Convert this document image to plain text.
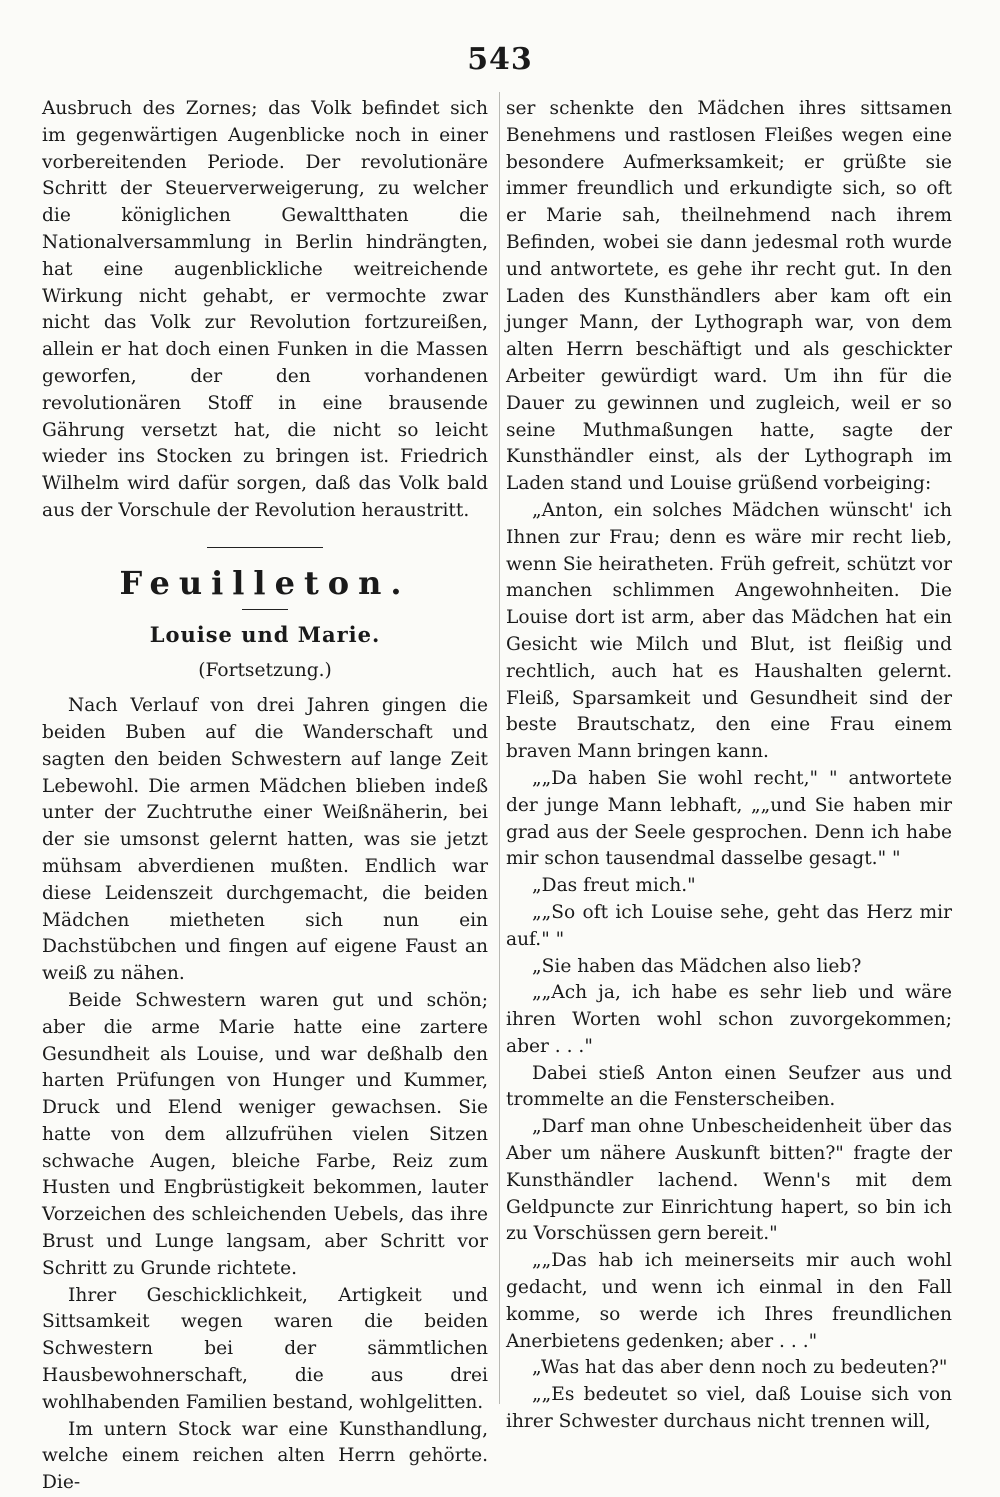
543

Ausbruch des Zornes; das Volk befindet sich im gegenwärtigen Augenblicke noch in einer vorbereitenden Periode. Der revolutionäre Schritt der Steuerverweigerung, zu welcher die königlichen Gewaltthaten die Nationalversammlung in Berlin hindrängten, hat eine augenblickliche weitreichende Wirkung nicht gehabt, er vermochte zwar nicht das Volk zur Revolution fortzureißen, allein er hat doch einen Funken in die Massen geworfen, der den vorhandenen revolutionären Stoff in eine brausende Gährung versetzt hat, die nicht so leicht wieder ins Stocken zu bringen ist. Friedrich Wilhelm wird dafür sorgen, daß das Volk bald aus der Vorschule der Revolution heraustritt.

Feuilleton.
Louise und Marie.
(Fortsetzung.)

Nach Verlauf von drei Jahren gingen die beiden Buben auf die Wanderschaft und sagten den beiden Schwestern auf lange Zeit Lebewohl. Die armen Mädchen blieben indeß unter der Zuchtruthe einer Weißnäherin, bei der sie umsonst gelernt hatten, was sie jetzt mühsam abverdienen mußten. Endlich war diese Leidenszeit durchgemacht, die beiden Mädchen mietheten sich nun ein Dachstübchen und fingen auf eigene Faust an weiß zu nähen.

Beide Schwestern waren gut und schön; aber die arme Marie hatte eine zartere Gesundheit als Louise, und war deßhalb den harten Prüfungen von Hunger und Kummer, Druck und Elend weniger gewachsen. Sie hatte von dem allzufrühen vielen Sitzen schwache Augen, bleiche Farbe, Reiz zum Husten und Engbrüstigkeit bekommen, lauter Vorzeichen des schleichenden Uebels, das ihre Brust und Lunge langsam, aber Schritt vor Schritt zu Grunde richtete.

Ihrer Geschicklichkeit, Artigkeit und Sittsamkeit wegen waren die beiden Schwestern bei der sämmtlichen Hausbewohnerschaft, die aus drei wohlhabenden Familien bestand, wohlgelitten.

Im untern Stock war eine Kunsthandlung, welche einem reichen alten Herrn gehörte. Die-

ser schenkte den Mädchen ihres sittsamen Benehmens und rastlosen Fleißes wegen eine besondere Aufmerksamkeit; er grüßte sie immer freundlich und erkundigte sich, so oft er Marie sah, theilnehmend nach ihrem Befinden, wobei sie dann jedesmal roth wurde und antwortete, es gehe ihr recht gut. In den Laden des Kunsthändlers aber kam oft ein junger Mann, der Lythograph war, von dem alten Herrn beschäftigt und als geschickter Arbeiter gewürdigt ward. Um ihn für die Dauer zu gewinnen und zugleich, weil er so seine Muthmaßungen hatte, sagte der Kunsthändler einst, als der Lythograph im Laden stand und Louise grüßend vorbeiging:

„Anton, ein solches Mädchen wünscht' ich Ihnen zur Frau; denn es wäre mir recht lieb, wenn Sie heiratheten. Früh gefreit, schützt vor manchen schlimmen Angewohnheiten. Die Louise dort ist arm, aber das Mädchen hat ein Gesicht wie Milch und Blut, ist fleißig und rechtlich, auch hat es Haushalten gelernt. Fleiß, Sparsamkeit und Gesundheit sind der beste Brautschatz, den eine Frau einem braven Mann bringen kann.

„„Da haben Sie wohl recht," " antwortete der junge Mann lebhaft, „„und Sie haben mir grad aus der Seele gesprochen. Denn ich habe mir schon tausendmal dasselbe gesagt." "

„Das freut mich."

„„So oft ich Louise sehe, geht das Herz mir auf." "

„Sie haben das Mädchen also lieb?

„„Ach ja, ich habe es sehr lieb und wäre ihren Worten wohl schon zuvorgekommen; aber . . ."

Dabei stieß Anton einen Seufzer aus und trommelte an die Fensterscheiben.

„Darf man ohne Unbescheidenheit über das Aber um nähere Auskunft bitten?" fragte der Kunsthändler lachend. Wenn's mit dem Geldpuncte zur Einrichtung hapert, so bin ich zu Vorschüssen gern bereit."

„„Das hab ich meinerseits mir auch wohl gedacht, und wenn ich einmal in den Fall komme, so werde ich Ihres freundlichen Anerbietens gedenken; aber . . ."

„Was hat das aber denn noch zu bedeuten?"

„„Es bedeutet so viel, daß Louise sich von ihrer Schwester durchaus nicht trennen will,
